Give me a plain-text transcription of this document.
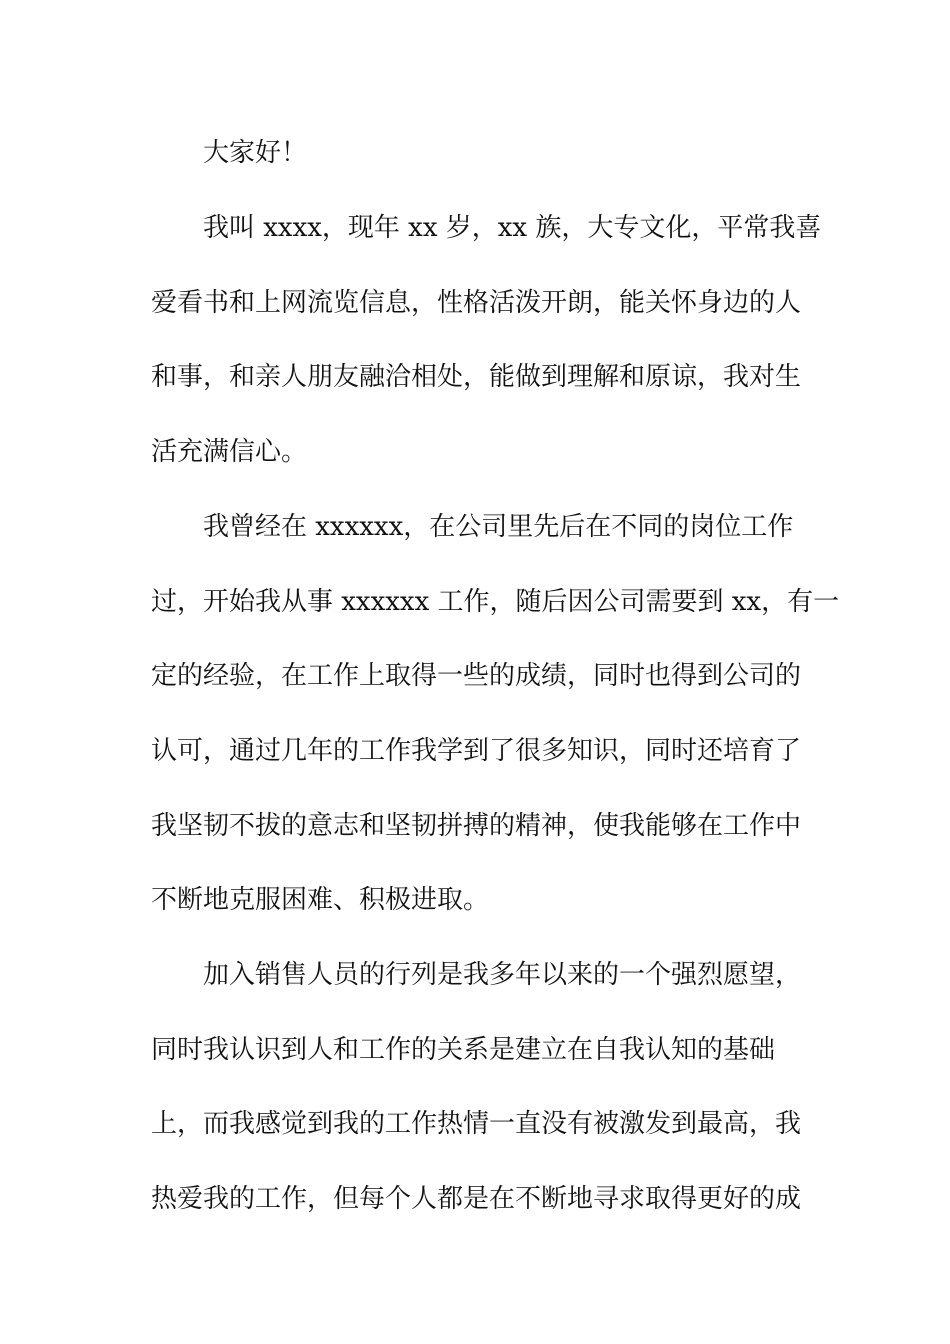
大家好！
我叫 xxxx，现年 xx 岁，xx 族，大专文化，平常我喜
爱看书和上网流览信息，性格活泼开朗，能关怀身边的人
和事，和亲人朋友融洽相处，能做到理解和原谅，我对生
活充满信心。
我曾经在 xxxxxx，在公司里先后在不同的岗位工作
过，开始我从事 xxxxxx 工作，随后因公司需要到 xx，有一
定的经验，在工作上取得一些的成绩，同时也得到公司的
认可，通过几年的工作我学到了很多知识，同时还培育了
我坚韧不拔的意志和坚韧拼搏的精神，使我能够在工作中
不断地克服困难、积极进取。
加入销售人员的行列是我多年以来的一个强烈愿望，
同时我认识到人和工作的关系是建立在自我认知的基础
上，而我感觉到我的工作热情一直没有被激发到最高，我
热爱我的工作，但每个人都是在不断地寻求取得更好的成
